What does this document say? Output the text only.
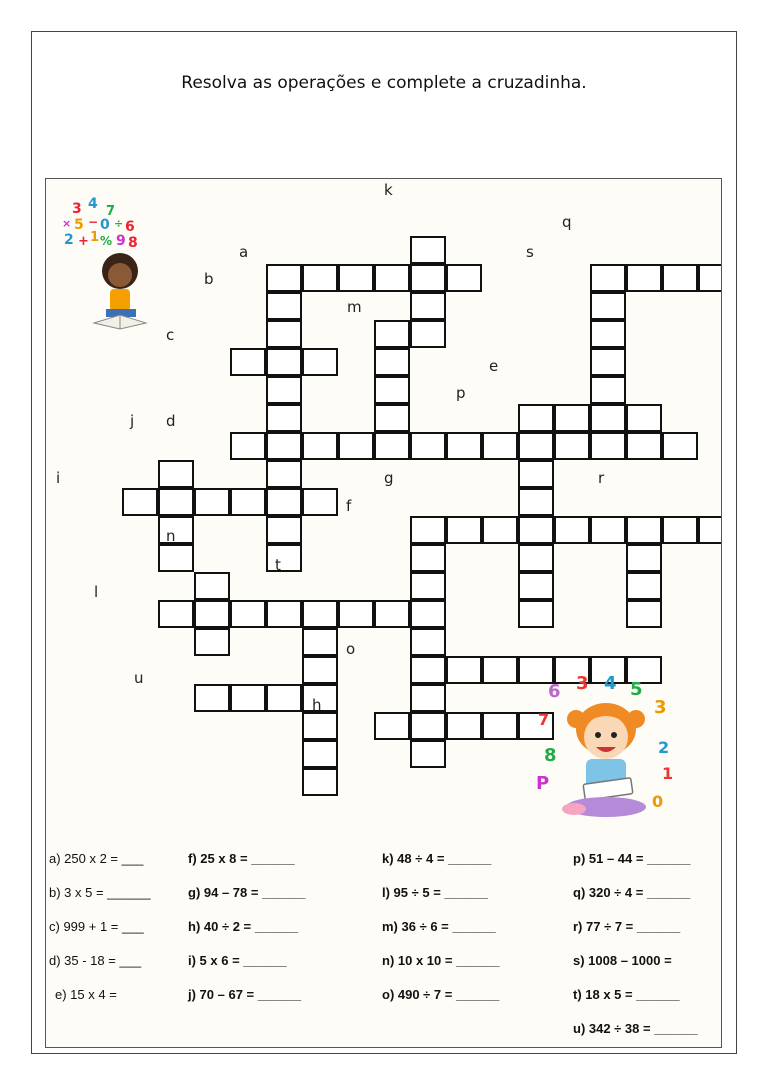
Resolva as operações e complete a cruzadinha.
a
b
c
d
e
f
g
h
i
j
k
l
m
n
o
p
q
r
s
t
u
3 4 7
× 5 − 0 ÷ 6
2 + 1 % 9 8
6 3 4 5
3
7
8
P
2
1
0
a) 250 x 2 = ___
b) 3 x 5 = ______
c) 999 + 1 = ___
d) 35 - 18 = ___
e) 15 x 4 =
f) 25 x 8 = ______
g) 94 – 78 = ______
h) 40 ÷ 2 = ______
i) 5 x 6 = ______
j) 70 – 67 = ______
k) 48 ÷ 4 = ______
l) 95 ÷ 5 = ______
m) 36 ÷ 6 = ______
n) 10 x 10 = ______
o) 490 ÷ 7 = ______
p) 51 – 44 = ______
q) 320 ÷ 4 = ______
r) 77 ÷ 7 = ______
s) 1008 – 1000 =
t) 18 x 5 = ______
u) 342 ÷ 38 = ______
